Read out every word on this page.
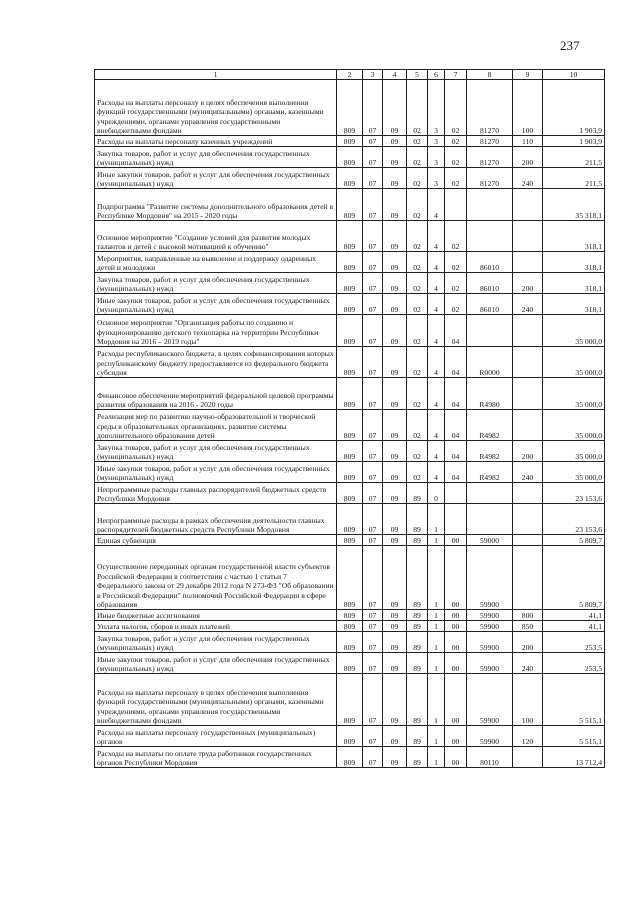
237
1	2	3	4	5	6	7	8	9	10
Расходы на выплаты персоналу в целях обеспечения выполнения функций государственными (муниципальными) органами, казенными учреждениями, органами управления государственными внебюджетными фондами	809	07	09	02	3	02	81270	100	1 903,9
Расходы на выплаты персоналу казенных учреждений	809	07	09	02	3	02	81270	110	1 903,9
Закупка товаров, работ и услуг для обеспечения государственных (муниципальных) нужд	809	07	09	02	3	02	81270	200	211,5
Иные закупки товаров, работ и услуг для обеспечения государственных (муниципальных) нужд	809	07	09	02	3	02	81270	240	211,5
Подпрограмма "Развитие системы дополнительного образования детей в Республике Мордовия" на 2015 - 2020 годы	809	07	09	02	4				35 318,1
Основное мероприятие "Создание условий для развития молодых талантов и детей с высокой мотивацией к обучению"	809	07	09	02	4	02			318,1
Мероприятия, направленные на выявление и поддержку одаренных детей и молодежи	809	07	09	02	4	02	86010		318,1
Закупка товаров, работ и услуг для обеспечения государственных (муниципальных) нужд	809	07	09	02	4	02	86010	200	318,1
Иные закупки товаров, работ и услуг для обеспечения государственных (муниципальных) нужд	809	07	09	02	4	02	86010	240	318,1
Основное мероприятие "Организация работы по созданию и функционированию детского технопарка на территории Республики Мордовия на 2016 – 2019 годы"	809	07	09	02	4	04			35 000,0
Расходы республиканского бюджета, в целях софинансирования которых республиканскому бюджету предоставляется из федерального бюджета субсидия	809	07	09	02	4	04	R0000		35 000,0
Финансовое обеспечение мероприятий федеральной целевой программы развития образования на 2016 - 2020 годы	809	07	09	02	4	04	R4980		35 000,0
Реализация мер по развитию научно-образовательной и творческой среды в образовательных организациях, развитие системы дополнительного образования детей	809	07	09	02	4	04	R4982		35 000,0
Закупка товаров, работ и услуг для обеспечения государственных (муниципальных) нужд	809	07	09	02	4	04	R4982	200	35 000,0
Иные закупки товаров, работ и услуг для обеспечения государственных (муниципальных) нужд	809	07	09	02	4	04	R4982	240	35 000,0
Непрограммные расходы главных распорядителей бюджетных средств Республики Мордовия	809	07	09	89	0				23 153,6
Непрограммные расходы в рамках обеспечения деятельности главных распорядителей бюджетных средств Республики Мордовия	809	07	09	89	1				23 153,6
Единая субвенция	809	07	09	89	1	00	59000		5 809,7
Осуществление переданных органам государственной власти субъектов Российской Федерации в соответствии с частью 1 статьи 7 Федерального закона от 29 декабря 2012 года N 273-ФЗ "Об образовании в Российской Федерации" полномочий Российской Федерации в сфере образования	809	07	09	89	1	00	59900		5 809,7
Иные бюджетные ассигнования	809	07	09	89	1	00	59900	800	41,1
Уплата налогов, сборов и иных платежей	809	07	09	89	1	00	59900	850	41,1
Закупка товаров, работ и услуг для обеспечения государственных (муниципальных) нужд	809	07	09	89	1	00	59900	200	253,5
Иные закупки товаров, работ и услуг для обеспечения государственных (муниципальных) нужд	809	07	09	89	1	00	59900	240	253,5
Расходы на выплаты персоналу в целях обеспечения выполнения функций государственными (муниципальными) органами, казенными учреждениями, органами управления государственными внебюджетными фондами	809	07	09	89	1	00	59900	100	5 515,1
Расходы на выплаты персоналу государственных (муниципальных) органов	809	07	09	89	1	00	59900	120	5 515,1
Расходы на выплаты по оплате труда работников государственных органов Республики Мордовия	809	07	09	89	1	00	80110		13 712,4
